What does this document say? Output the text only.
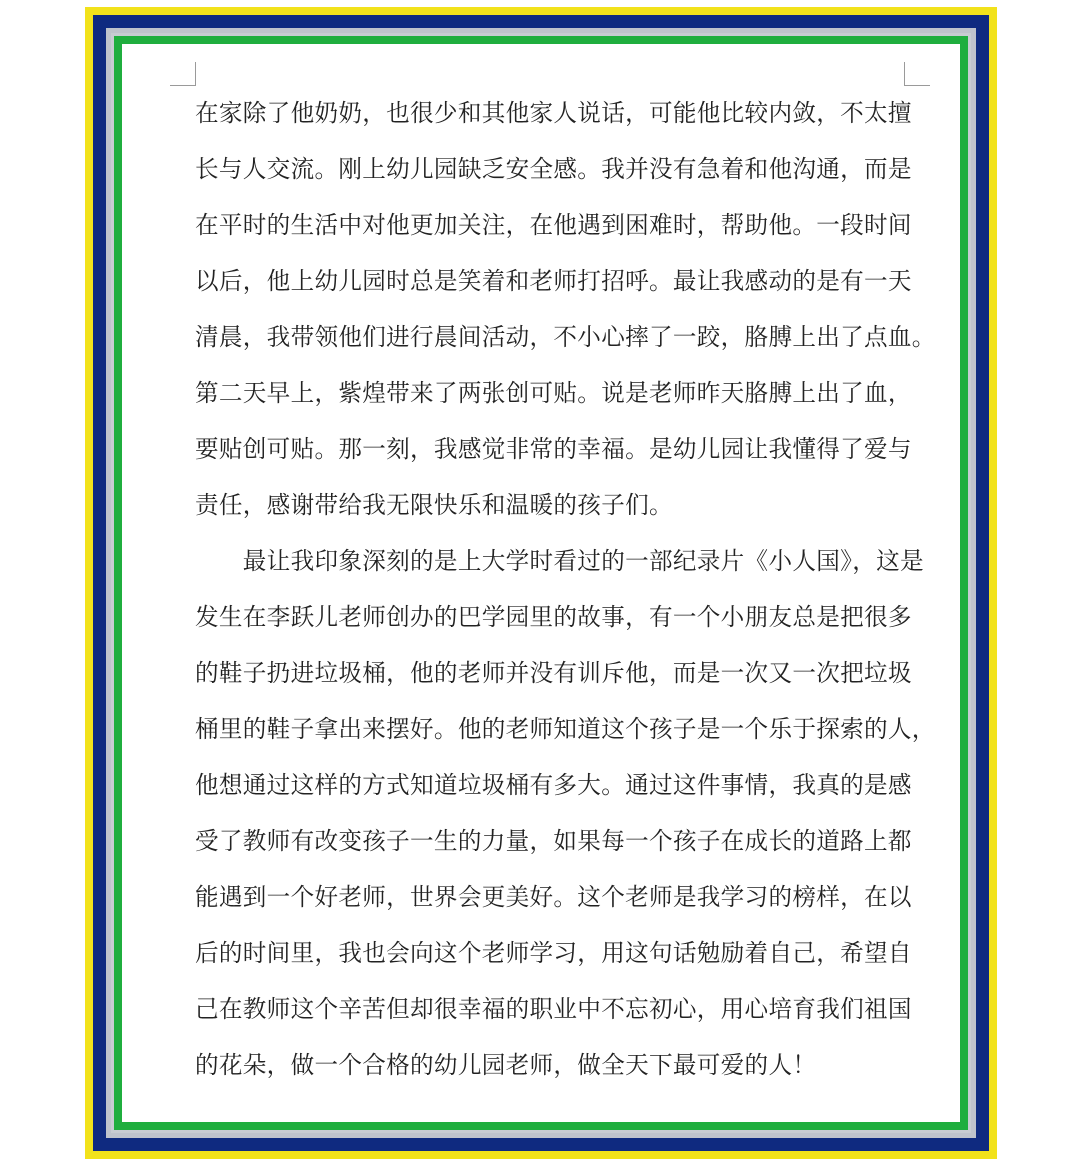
在家除了他奶奶，也很少和其他家人说话，可能他比较内敛，不太擅
长与人交流。刚上幼儿园缺乏安全感。我并没有急着和他沟通，而是
在平时的生活中对他更加关注，在他遇到困难时，帮助他。一段时间
以后，他上幼儿园时总是笑着和老师打招呼。最让我感动的是有一天
清晨，我带领他们进行晨间活动，不小心摔了一跤，胳膊上出了点血。
第二天早上，紫煌带来了两张创可贴。说是老师昨天胳膊上出了血，
要贴创可贴。那一刻，我感觉非常的幸福。是幼儿园让我懂得了爱与
责任，感谢带给我无限快乐和温暖的孩子们。
　　最让我印象深刻的是上大学时看过的一部纪录片《小人国》，这是
发生在李跃儿老师创办的巴学园里的故事，有一个小朋友总是把很多
的鞋子扔进垃圾桶，他的老师并没有训斥他，而是一次又一次把垃圾
桶里的鞋子拿出来摆好。他的老师知道这个孩子是一个乐于探索的人，
他想通过这样的方式知道垃圾桶有多大。通过这件事情，我真的是感
受了教师有改变孩子一生的力量，如果每一个孩子在成长的道路上都
能遇到一个好老师，世界会更美好。这个老师是我学习的榜样，在以
后的时间里，我也会向这个老师学习，用这句话勉励着自己，希望自
己在教师这个辛苦但却很幸福的职业中不忘初心，用心培育我们祖国
的花朵，做一个合格的幼儿园老师，做全天下最可爱的人！
